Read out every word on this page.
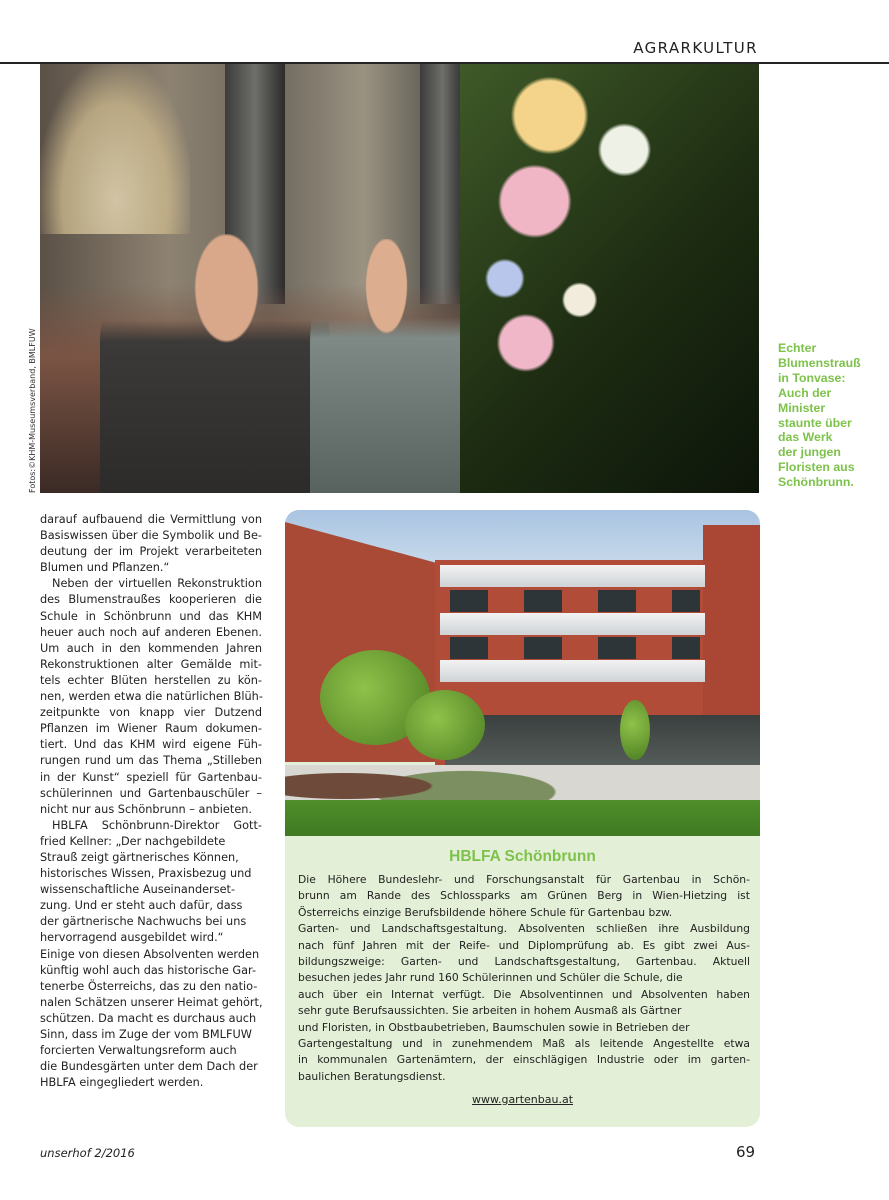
AGRARKULTUR
Fotos:©KHM-Museumsverband, BMLFUW	Echter
Blumenstrauß
in Tonvase:
Auch der
Minister
staunte über
das Werk
der jungen
Floristen aus
Schönbrunn.
darauf aufbauend die Vermittlung von
Basiswissen über die Symbolik und Be-
deutung der im Projekt verarbeiteten
Blumen und Pflanzen.“
Neben der virtuellen Rekonstruktion
des Blumenstraußes kooperieren die
Schule in Schönbrunn und das KHM
heuer auch noch auf anderen Ebenen.
Um auch in den kommenden Jahren
Rekonstruktionen alter Gemälde mit-
tels echter Blüten herstellen zu kön-
nen, werden etwa die natürlichen Blüh-
zeitpunkte von knapp vier Dutzend
Pflanzen im Wiener Raum dokumen-
tiert. Und das KHM wird eigene Füh-
rungen rund um das Thema „Stilleben
in der Kunst“ speziell für Gartenbau-
schülerinnen und Gartenbauschüler –
nicht nur aus Schönbrunn – anbieten.
HBLFA Schönbrunn-Direktor Gott-
fried Kellner: „Der nachgebildete
Strauß zeigt gärtnerisches Können,
historisches Wissen, Praxisbezug und
wissenschaftliche Auseinanderset-
zung. Und er steht auch dafür, dass
der gärtnerische Nachwuchs bei uns
hervorragend ausgebildet wird.“
Einige von diesen Absolventen werden
künftig wohl auch das historische Gar-
tenerbe Österreichs, das zu den natio-
nalen Schätzen unserer Heimat gehört,
schützen. Da macht es durchaus auch
Sinn, dass im Zuge der vom BMLFUW
forcierten Verwaltungsreform auch
die Bundesgärten unter dem Dach der
HBLFA eingegliedert werden.
HBLFA Schönbrunn
Die Höhere Bundeslehr- und Forschungsanstalt für Gartenbau in Schön-
brunn am Rande des Schlossparks am Grünen Berg in Wien-Hietzing ist
Österreichs einzige Berufsbildende höhere Schule für Gartenbau bzw.
Garten- und Landschaftsgestaltung. Absolventen schließen ihre Ausbildung
nach fünf Jahren mit der Reife- und Diplomprüfung ab. Es gibt zwei Aus-
bildungszweige: Garten- und Landschaftsgestaltung, Gartenbau. Aktuell
besuchen jedes Jahr rund 160 Schülerinnen und Schüler die Schule, die
auch über ein Internat verfügt. Die Absolventinnen und Absolventen haben
sehr gute Berufsaussichten. Sie arbeiten in hohem Ausmaß als Gärtner
und Floristen, in Obstbaubetrieben, Baumschulen sowie in Betrieben der
Gartengestaltung und in zunehmendem Maß als leitende Angestellte etwa
in kommunalen Gartenämtern, der einschlägigen Industrie oder im garten-
baulichen Beratungsdienst.
www.gartenbau.at
unserhof 2/2016	69
